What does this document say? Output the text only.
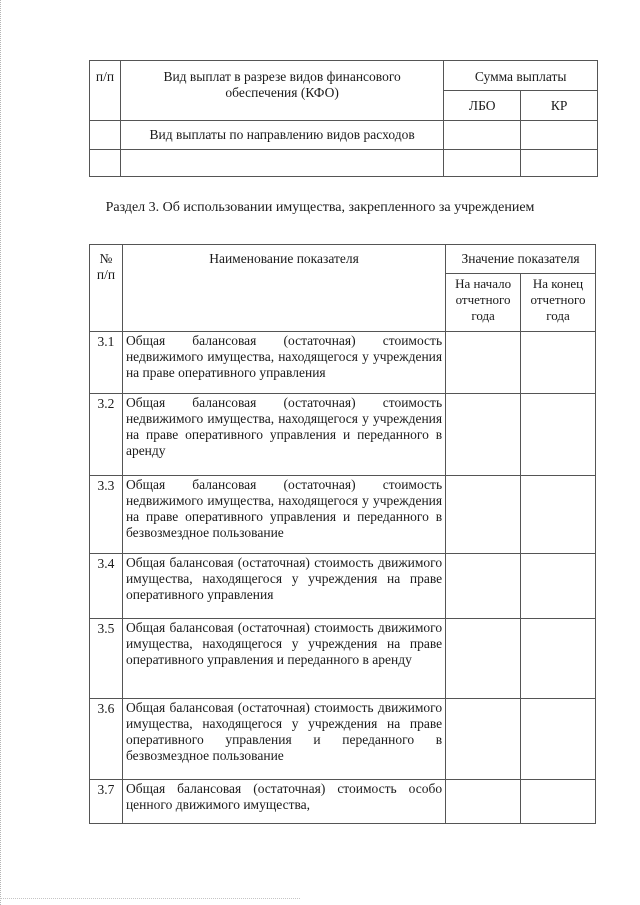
п/п	Вид выплат в разрезе видов финансового обеспечения (КФО)	Сумма выплаты	
		ЛБО	КР
	Вид выплаты по направлению видов расходов		

Раздел 3. Об использовании имущества, закрепленного за учреждением
№ п/п	Наименование показателя	Значение показателя	
		На начало отчетного года	На конец отчетного года
3.1	Общая балансовая (остаточная) стоимость недвижимого имущества, находящегося у учреждения на праве оперативного управления		
3.2	Общая балансовая (остаточная) стоимость недвижимого имущества, находящегося у учреждения на праве оперативного управления и переданного в аренду		
3.3	Общая балансовая (остаточная) стоимость недвижимого имущества, находящегося у учреждения на праве оперативного управления и переданного в безвозмездное пользование		
3.4	Общая балансовая (остаточная) стоимость движимого имущества, находящегося у учреждения на праве оперативного управления		
3.5	Общая балансовая (остаточная) стоимость движимого имущества, находящегося у учреждения на праве оперативного управления и переданного в аренду		
3.6	Общая балансовая (остаточная) стоимость движимого имущества, находящегося у учреждения на праве оперативного управления и переданного в безвозмездное пользование		
3.7	Общая балансовая (остаточная) стоимость особо ценного движимого имущества,		
